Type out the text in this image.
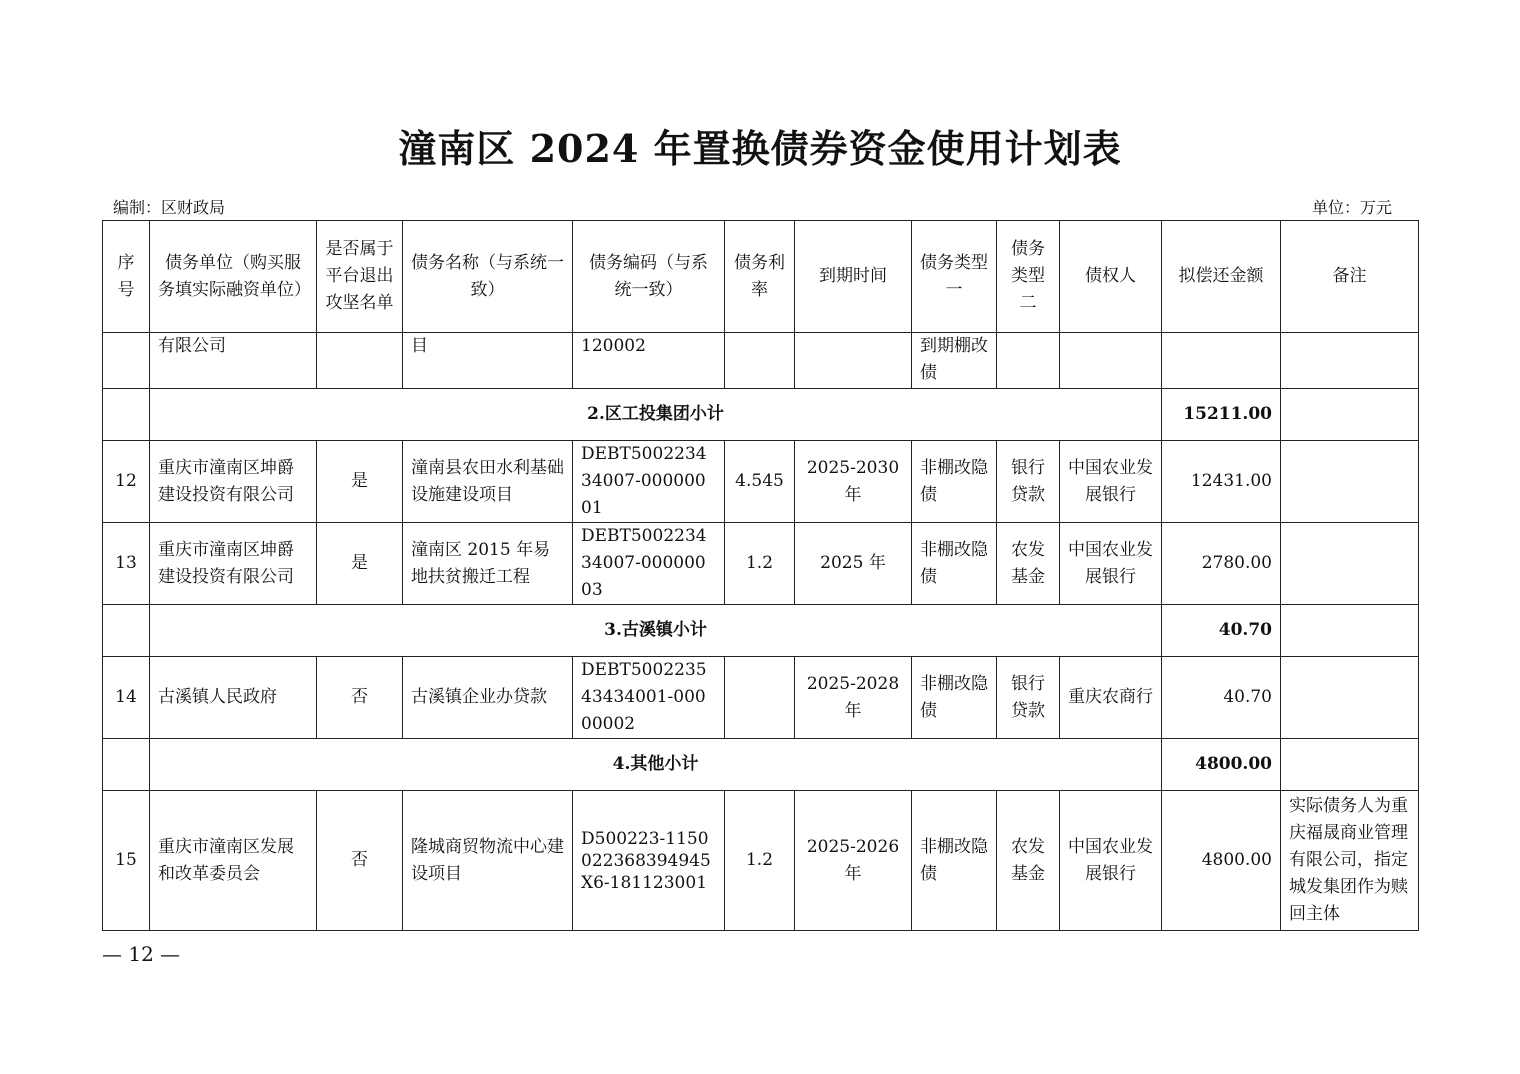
潼南区 2024 年置换债券资金使用计划表
编制：区财政局	单位：万元
序号	债务单位（购买服务填实际融资单位）	是否属于平台退出攻坚名单	债务名称（与系统一致）	债务编码（与系统一致）	债务利率	到期时间	债务类型一	债务类型二	债权人	拟偿还金额	备注
	有限公司		目	120002			到期棚改债				
	2.区工投集团小计									15211.00	
12	重庆市潼南区坤爵建设投资有限公司	是	潼南县农田水利基础设施建设项目	DEBT500223434007-00000001	4.545	2025-2030 年	非棚改隐债	银行贷款	中国农业发展银行	12431.00	
13	重庆市潼南区坤爵建设投资有限公司	是	潼南区 2015 年易地扶贫搬迁工程	DEBT500223434007-00000003	1.2	2025 年	非棚改隐债	农发基金	中国农业发展银行	2780.00	
	3.古溪镇小计									40.70	
14	古溪镇人民政府	否	古溪镇企业办贷款	DEBT500223543434001-00000002		2025-2028 年	非棚改隐债	银行贷款	重庆农商行	40.70	
	4.其他小计									4800.00	
15	重庆市潼南区发展和改革委员会	否	隆城商贸物流中心建设项目	D500223-1150022368394945X6-181123001	1.2	2025-2026 年	非棚改隐债	农发基金	中国农业发展银行	4800.00	实际债务人为重庆福晟商业管理有限公司，指定城发集团作为赎回主体
— 12 —
